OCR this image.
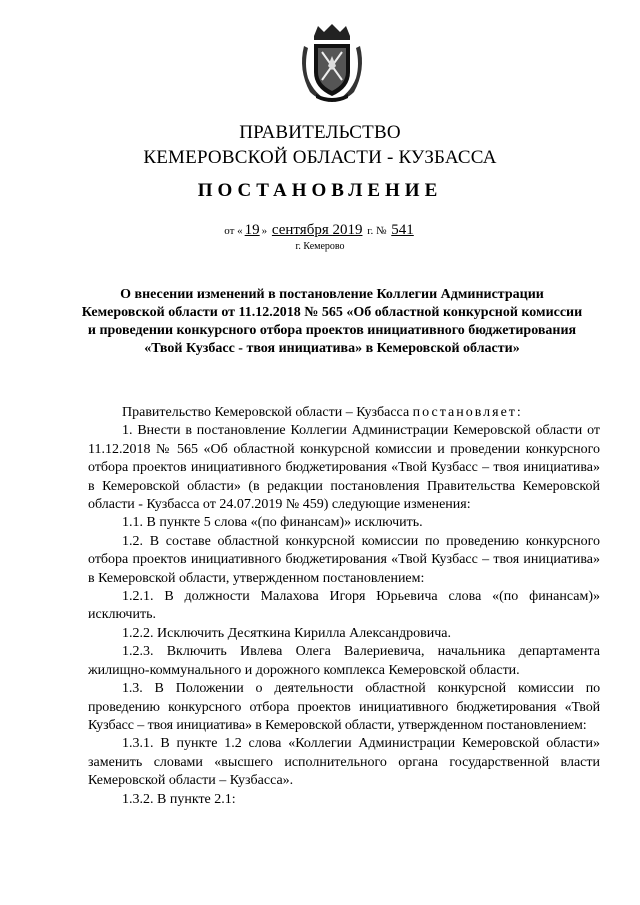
ПРАВИТЕЛЬСТВО
КЕМЕРОВСКОЙ ОБЛАСТИ - КУЗБАССА
ПОСТАНОВЛЕНИЕ
от « 19 » сентября 2019 г. № 541
г. Кемерово
О внесении изменений в постановление Коллегии Администрации Кемеровской области от 11.12.2018 № 565 «Об областной конкурсной комиссии и проведении конкурсного отбора проектов инициативного бюджетирования «Твой Кузбасс - твоя инициатива» в Кемеровской области»

Правительство Кемеровской области – Кузбасса постановляет:

1. Внести в постановление Коллегии Администрации Кемеровской области от 11.12.2018 № 565 «Об областной конкурсной комиссии и проведении конкурсного отбора проектов инициативного бюджетирования «Твой Кузбасс – твоя инициатива» в Кемеровской области» (в редакции постановления Правительства Кемеровской области - Кузбасса от 24.07.2019 № 459) следующие изменения:

1.1. В пункте 5 слова «(по финансам)» исключить.

1.2. В составе областной конкурсной комиссии по проведению конкурсного отбора проектов инициативного бюджетирования «Твой Кузбасс – твоя инициатива» в Кемеровской области, утвержденном постановлением:

1.2.1. В должности Малахова Игоря Юрьевича слова «(по финансам)» исключить.

1.2.2. Исключить Десяткина Кирилла Александровича.

1.2.3. Включить Ивлева Олега Валериевича, начальника департамента жилищно-коммунального и дорожного комплекса Кемеровской области.

1.3. В Положении о деятельности областной конкурсной комиссии по проведению конкурсного отбора проектов инициативного бюджетирования «Твой Кузбасс – твоя инициатива» в Кемеровской области, утвержденном постановлением:

1.3.1. В пункте 1.2 слова «Коллегии Администрации Кемеровской области» заменить словами «высшего исполнительного органа государственной власти Кемеровской области – Кузбасса».

1.3.2. В пункте 2.1:
